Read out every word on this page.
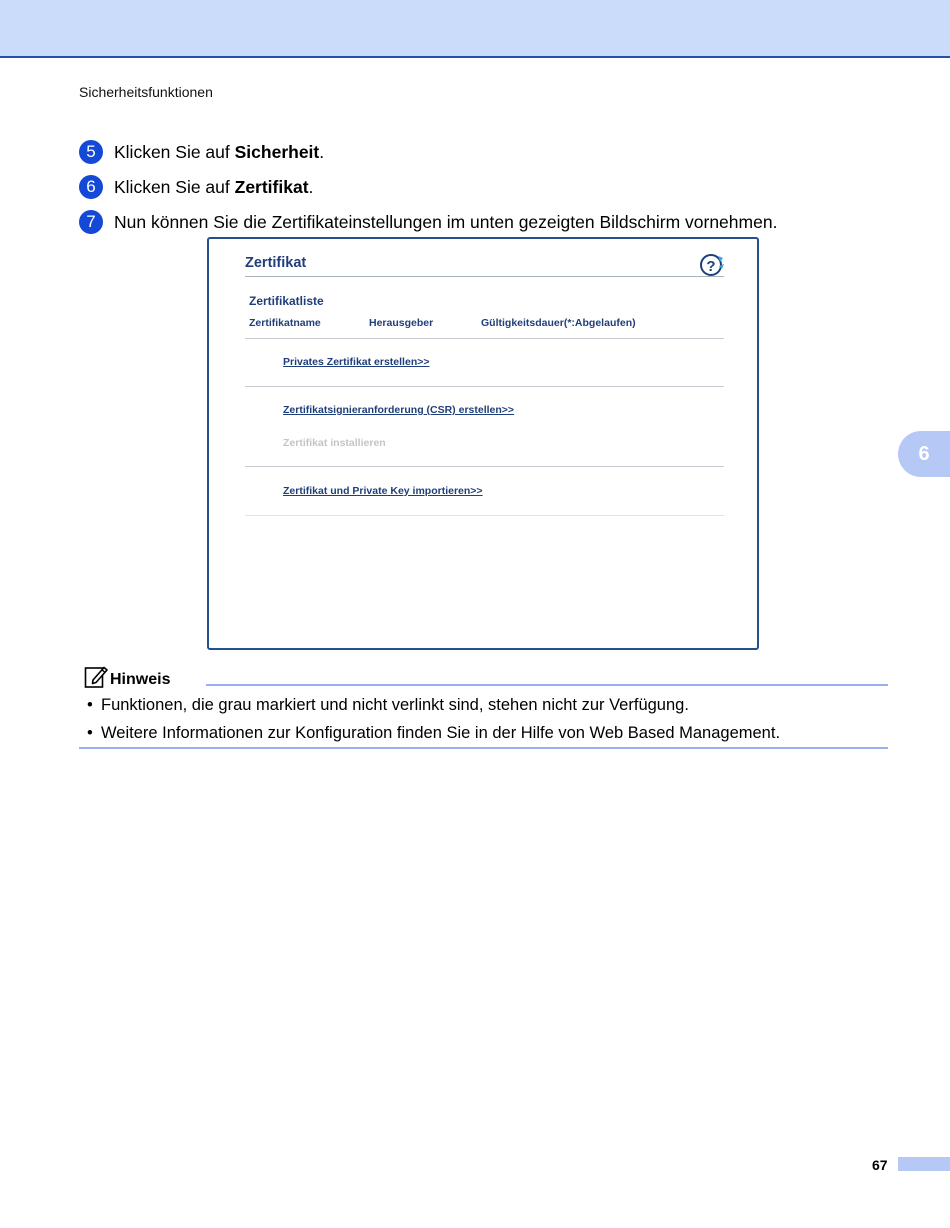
Sicherheitsfunktionen
5	Klicken Sie auf Sicherheit .
6	Klicken Sie auf Zertifikat .
7	Nun können Sie die Zertifikateinstellungen im unten gezeigten Bildschirm vornehmen.
Zertifikat	?
Zertifikatliste
Zertifikatname	Herausgeber	Gültigkeitsdauer(*:Abgelaufen)
Privates Zertifikat erstellen>>
Zertifikatsignieranforderung (CSR) erstellen>>
Zertifikat installieren
Zertifikat und Private Key importieren>>
Hinweis
• Funktionen, die grau markiert und nicht verlinkt sind, stehen nicht zur Verfügung.
• Weitere Informationen zur Konfiguration finden Sie in der Hilfe von Web Based Management.
6
67
